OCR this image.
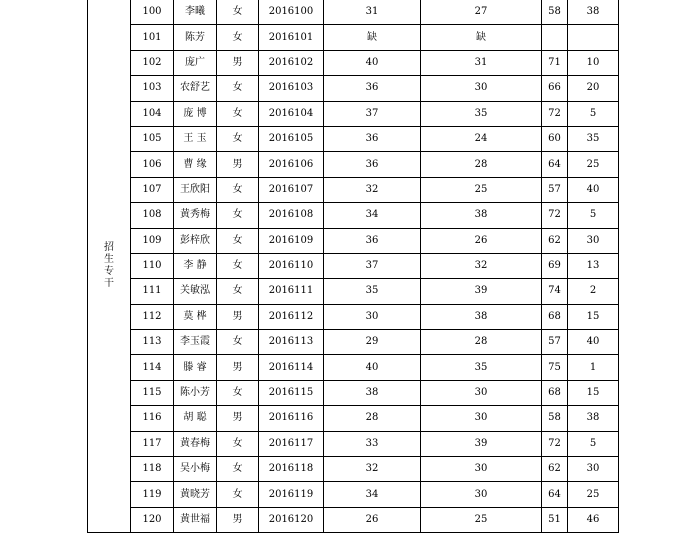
招生专干	100	李曦	女	2016100	31	27	58	38
	101	陈芳	女	2016101	缺	缺		
	102	庞广	男	2016102	40	31	71	10
	103	农舒艺	女	2016103	36	30	66	20
	104	庞 博	女	2016104	37	35	72	5
	105	王 玉	女	2016105	36	24	60	35
	106	曹 缘	男	2016106	36	28	64	25
	107	王欣阳	女	2016107	32	25	57	40
	108	黄秀梅	女	2016108	34	38	72	5
	109	彭梓欣	女	2016109	36	26	62	30
	110	李 静	女	2016110	37	32	69	13
	111	关敏泓	女	2016111	35	39	74	2
	112	莫 桦	男	2016112	30	38	68	15
	113	李玉霞	女	2016113	29	28	57	40
	114	滕 睿	男	2016114	40	35	75	1
	115	陈小芳	女	2016115	38	30	68	15
	116	胡 聪	男	2016116	28	30	58	38
	117	黄春梅	女	2016117	33	39	72	5
	118	吴小梅	女	2016118	32	30	62	30
	119	黄晓芳	女	2016119	34	30	64	25
	120	黄世福	男	2016120	26	25	51	46
